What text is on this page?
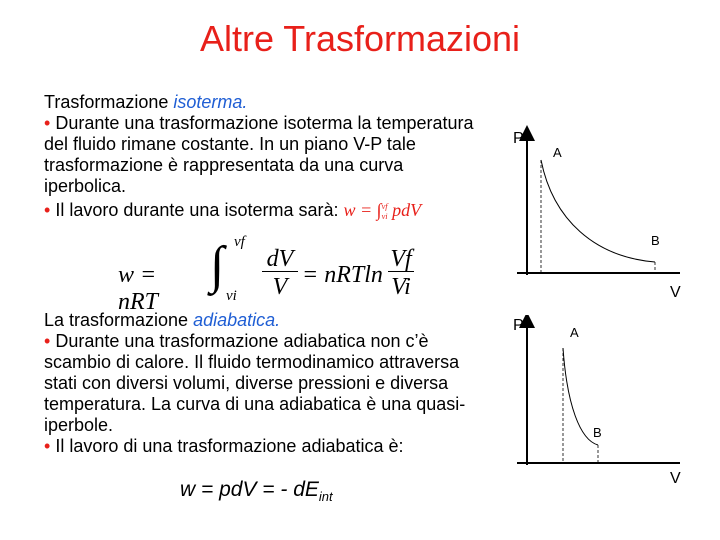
Altre Trasformazioni
Trasformazione isoterma.
• Durante una trasformazione isoterma la temperatura del fluido rimane costante. In un piano V-P tale trasformazione è rappresentata da una curva iperbolica.
• Il lavoro durante una isoterma sarà: w = ∫ vf
vi pdV
w = nRT
∫ vf
vi
dV
V = nRTln
Vf
Vi
La trasformazione adiabatica.
• Durante una trasformazione adiabatica non c’è scambio di calore. Il fluido termodinamico attraversa stati con diversi volumi, diverse pressioni e diversa temperatura. La curva di una adiabatica è una quasi-iperbole.
• Il lavoro di una trasformazione adiabatica è:
w = pdV = - $dE_{int}$
P
A
B
V
P	A
B
V
